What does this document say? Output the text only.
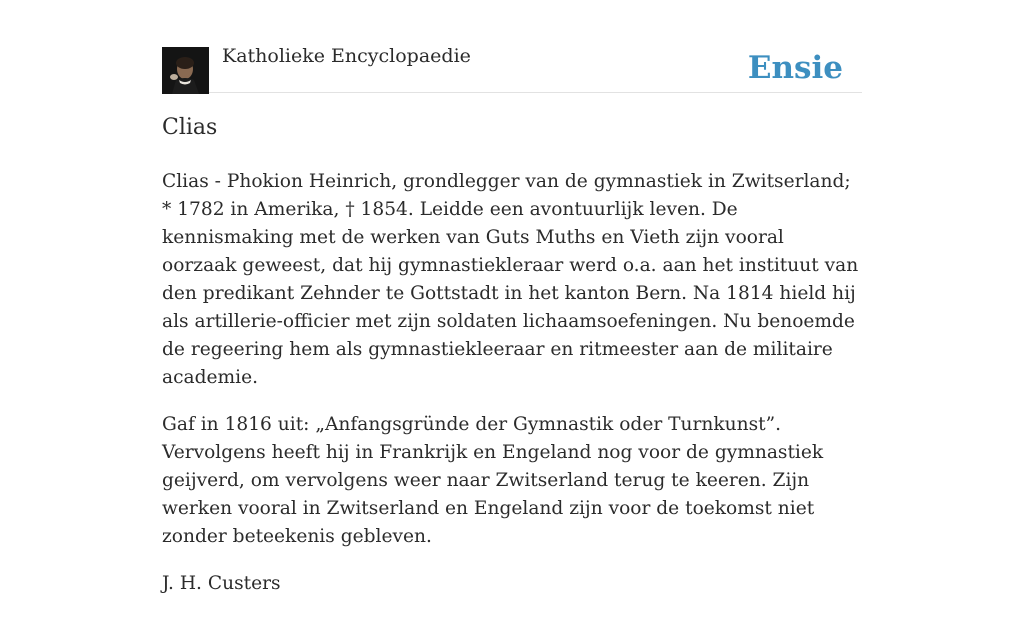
Katholieke Encyclopaedie	Ensie
Clias

Clias - Phokion Heinrich, grondlegger van de gymnastiek in Zwitserland; * 1782 in Amerika, † 1854. Leidde een avontuurlijk leven. De kennismaking met de werken van Guts Muths en Vieth zijn vooral oorzaak geweest, dat hij gymnastiekleraar werd o.a. aan het instituut van den predikant Zehnder te Gottstadt in het kanton Bern. Na 1814 hield hij als artillerie-officier met zijn soldaten lichaamsoefeningen. Nu benoemde de regeering hem als gymnastiekleeraar en ritmeester aan de militaire academie.

Gaf in 1816 uit: „Anfangsgründe der Gymnastik oder Turnkunst”. Vervolgens heeft hij in Frankrijk en Engeland nog voor de gymnastiek geijverd, om vervolgens weer naar Zwitserland terug te keeren. Zijn werken vooral in Zwitserland en Engeland zijn voor de toekomst niet zonder beteekenis gebleven.

J. H. Custers
